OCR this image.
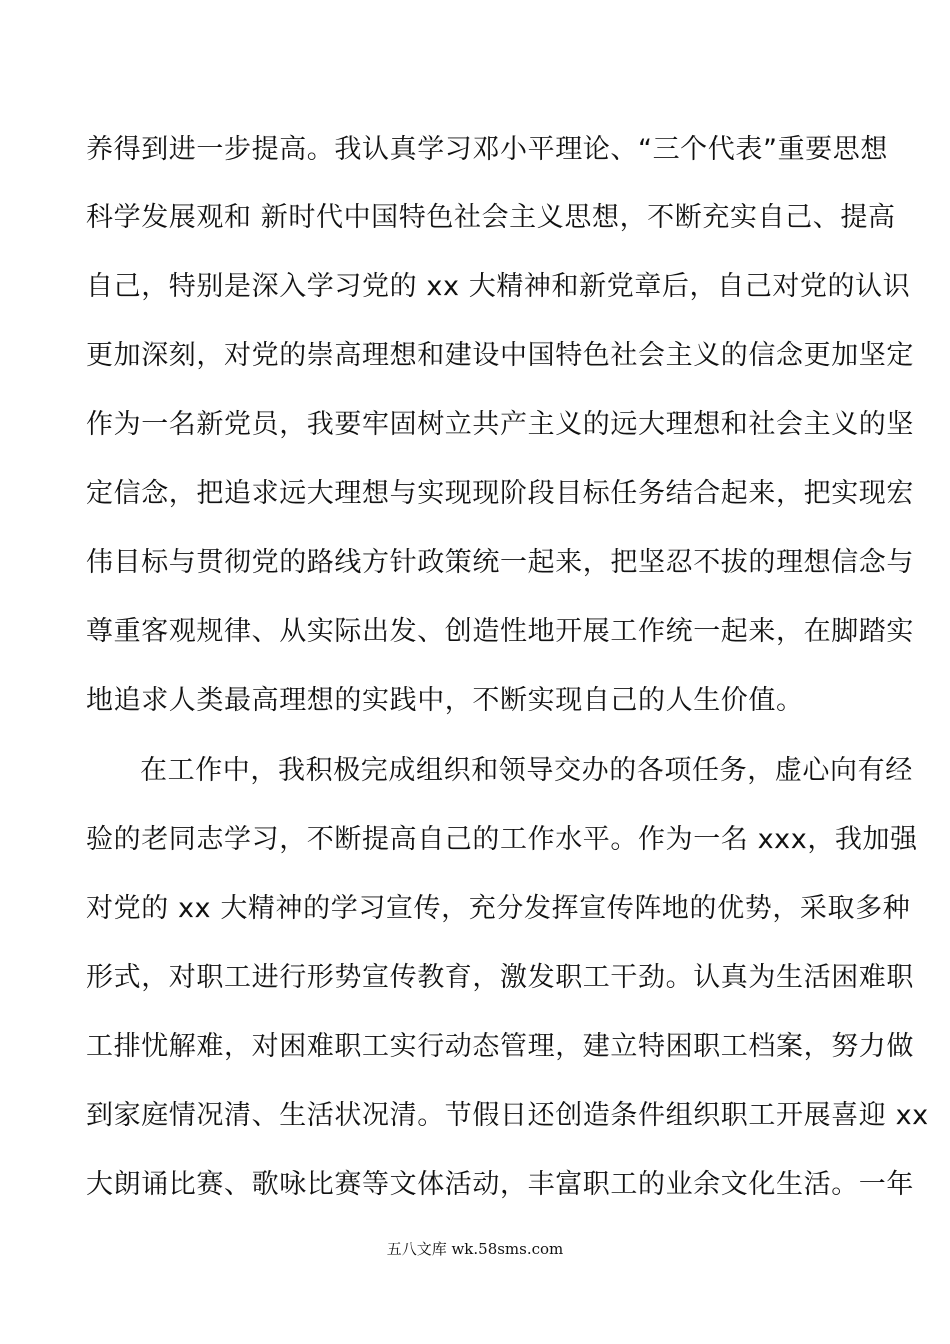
养得到进一步提高。我认真学习邓小平理论、“三个代表”重要思想
科学发展观和 新时代中国特色社会主义思想，不断充实自己、提高
自己，特别是深入学习党的 xx 大精神和新党章后，自己对党的认识
更加深刻，对党的崇高理想和建设中国特色社会主义的信念更加坚定
作为一名新党员，我要牢固树立共产主义的远大理想和社会主义的坚
定信念，把追求远大理想与实现现阶段目标任务结合起来，把实现宏
伟目标与贯彻党的路线方针政策统一起来，把坚忍不拔的理想信念与
尊重客观规律、从实际出发、创造性地开展工作统一起来，在脚踏实
地追求人类最高理想的实践中，不断实现自己的人生价值。
在工作中，我积极完成组织和领导交办的各项任务，虚心向有经
验的老同志学习，不断提高自己的工作水平。作为一名 xxx，我加强
对党的 xx 大精神的学习宣传，充分发挥宣传阵地的优势，采取多种
形式，对职工进行形势宣传教育，激发职工干劲。认真为生活困难职
工排忧解难，对困难职工实行动态管理，建立特困职工档案，努力做
到家庭情况清、生活状况清。节假日还创造条件组织职工开展喜迎 xx
大朗诵比赛、歌咏比赛等文体活动，丰富职工的业余文化生活。一年
五八文库 wk.58sms.com
